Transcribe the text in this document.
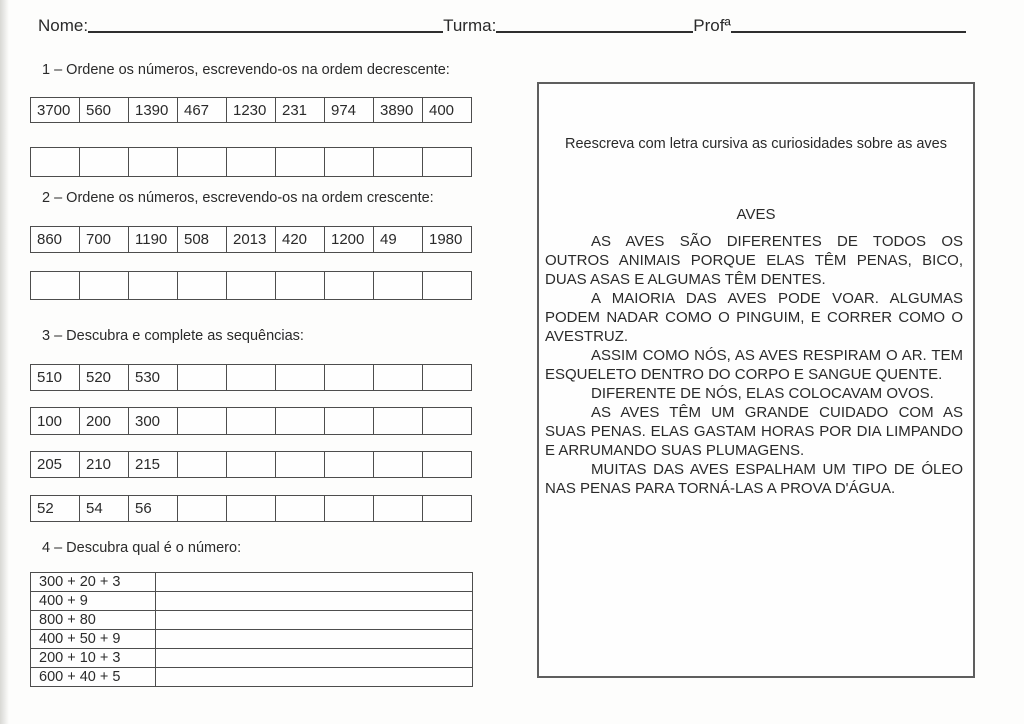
Nome:	Turma:	Profª
1 – Ordene os números, escrevendo-os na ordem decrescente:
3700	560	1390	467	1230	231	974	3890	400
2 – Ordene os números, escrevendo-os na ordem crescente:
860	700	1190	508	2013	420	1200	49	1980
3 – Descubra e complete as sequências:
510	520	530
100	200	300
205	210	215
52	54	56
4 – Descubra qual é o número:
300 + 20 + 3
400 + 9
800 + 80
400 + 50 + 9
200 + 10 + 3
600 + 40 + 5
Reescreva com letra cursiva as curiosidades sobre as aves
AVES

AS AVES SÃO DIFERENTES DE TODOS OS OUTROS ANIMAIS PORQUE ELAS TÊM PENAS, BICO, DUAS ASAS E ALGUMAS TÊM DENTES.

A MAIORIA DAS AVES PODE VOAR. ALGUMAS PODEM NADAR COMO O PINGUIM, E CORRER COMO O AVESTRUZ.

ASSIM COMO NÓS, AS AVES RESPIRAM O AR. TEM ESQUELETO DENTRO DO CORPO E SANGUE QUENTE.

DIFERENTE DE NÓS, ELAS COLOCAVAM OVOS.

AS AVES TÊM UM GRANDE CUIDADO COM AS SUAS PENAS. ELAS GASTAM HORAS POR DIA LIMPANDO E ARRUMANDO SUAS PLUMAGENS.

MUITAS DAS AVES ESPALHAM UM TIPO DE ÓLEO NAS PENAS PARA TORNÁ-LAS A PROVA D'ÁGUA.
